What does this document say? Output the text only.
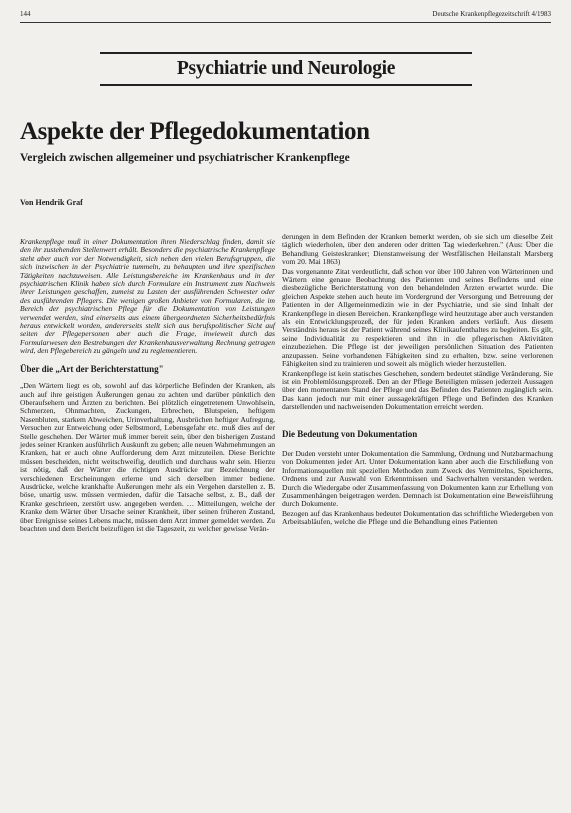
144	Deutsche Krankenpflegezeitschrift 4/1983
Psychiatrie und Neurologie
Aspekte der Pflegedokumentation
Vergleich zwischen allgemeiner und psychiatrischer Krankenpflege
Von Hendrik Graf

Krankenpflege muß in einer Dokumentation ihren Niederschlag finden, damit sie den ihr zustehenden Stellenwert erhält. Besonders die psychiatrische Krankenpflege steht aber auch vor der Notwendigkeit, sich neben den vielen Berufsgruppen, die sich inzwischen in der Psychiatrie tummeln, zu behaupten und ihre spezifischen Tätigkeiten nachzuweisen. Alle Leistungsbereiche im Krankenhaus und in der psychiatrischen Klinik haben sich durch Formulare ein Instrument zum Nachweis ihrer Leistungen geschaffen, zumeist zu Lasten der ausführenden Schwester oder des ausführenden Pflegers. Die wenigen großen Anbieter von Formularen, die im Bereich der psychiatrischen Pflege für die Dokumentation von Leistungen verwendet werden, sind einerseits aus einem übergeordneten Sicherheitsbedürfnis heraus entwickelt worden, andererseits stellt sich aus berufspolitischer Sicht auf seiten der Pflegepersonen aber auch die Frage, inwieweit durch das Formularwesen den Bestrebungen der Krankenhausverwaltung Rechnung getragen wird, den Pflegebereich zu gängeln und zu reglementieren.

Über die „Art der Berichterstattung"

„Den Wärtern liegt es ob, sowohl auf das körperliche Befinden der Kranken, als auch auf ihre geistigen Äußerungen genau zu achten und darüber pünktlich den Oberaufsehern und Ärzten zu berichten. Bei plötzlich eingetretenem Unwohlsein, Schmerzen, Ohnmachten, Zuckungen, Erbrechen, Blutspeien, heftigem Nasenbluten, starkem Abweichen, Urinverhaltung, Ausbrüchen heftiger Aufregung, Versuchen zur Entweichung oder Selbstmord, Lebensgefahr etc. muß dies auf der Stelle geschehen. Der Wärter muß immer bereit sein, über den bisherigen Zustand jedes seiner Kranken ausführlich Auskunft zu geben; alle neuen Wahrnehmungen an Kranken, hat er auch ohne Aufforderung dem Arzt mitzuteilen. Diese Berichte müssen bescheiden, nicht weitschweifig, deutlich und durchaus wahr sein. Hierzu ist nötig, daß der Wärter die richtigen Ausdrücke zur Bezeichnung der verschiedenen Erscheinungen erlerne und sich derselben immer bediene. Ausdrücke, welche krankhafte Äußerungen mehr als ein Vergehen darstellen z. B. böse, unartig usw. müssen vermieden, dafür die Tatsache selbst, z. B., daß der Kranke geschrieen, zerstört usw. angegeben werden. … Mitteilungen, welche der Kranke dem Wärter über Ursache seiner Krankheit, über seinen früheren Zustand, über Ereignisse seines Lebens macht, müssen dem Arzt immer gemeldet werden. Zu beachten und dem Bericht beizufügen ist die Tageszeit, zu welcher gewisse Verän-

derungen in dem Befinden der Kranken bemerkt werden, ob sie sich um dieselbe Zeit täglich wiederholen, über den anderen oder dritten Tag wiederkehren." (Aus: Über die Behandlung Geisteskranker; Dienstanweisung der Westfälischen Heilanstalt Marsberg vom 20. Mai 1863)

Das vorgenannte Zitat verdeutlicht, daß schon vor über 100 Jahren von Wärterinnen und Wärtern eine genaue Beobachtung des Patienten und seines Befindens und eine diesbezügliche Berichterstattung von den behandelnden Ärzten erwartet wurde. Die gleichen Aspekte stehen auch heute im Vordergrund der Versorgung und Betreuung der Patienten in der Allgemeinmedizin wie in der Psychiatrie, und sie sind Inhalt der Krankenpflege in diesen Bereichen. Krankenpflege wird heutzutage aber auch verstanden als ein Entwicklungsprozeß, der für jeden Kranken anders verläuft. Aus diesem Verständnis heraus ist der Patient während seines Klinikaufenthaltes zu begleiten. Es gilt, seine Individualität zu respektieren und ihn in die pflegerischen Aktivitäten einzubeziehen. Die Pflege ist der jeweiligen persönlichen Situation des Patienten anzupassen. Seine vorhandenen Fähigkeiten sind zu erhalten, bzw. seine verlorenen Fähigkeiten sind zu trainieren und soweit als möglich wieder herzustellen.

Krankenpflege ist kein statisches Geschehen, sondern bedeutet ständige Veränderung. Sie ist ein Problemlösungsprozeß. Den an der Pflege Beteiligten müssen jederzeit Aussagen über den momentanen Stand der Pflege und das Befinden des Patienten zugänglich sein. Das kann jedoch nur mit einer aussagekräftigen Pflege und Befinden des Kranken darstellenden und nachweisenden Dokumentation erreicht werden.

Die Bedeutung von Dokumentation

Der Duden versteht unter Dokumentation die Sammlung, Ordnung und Nutzbarmachung von Dokumenten jeder Art. Unter Dokumentation kann aber auch die Erschließung von Informationsquellen mit speziellen Methoden zum Zweck des Vermittelns, Speicherns, Ordnens und zur Auswahl von Erkenntnissen und Sachverhalten verstanden werden. Durch die Wiedergabe oder Zusammenfassung von Dokumenten kann zur Erhellung von Zusammenhängen beigetragen werden. Demnach ist Dokumentation eine Beweisführung durch Dokumente.

Bezogen auf das Krankenhaus bedeutet Dokumentation das schriftliche Wiedergeben von Arbeitsabläufen, welche die Pflege und die Behandlung eines Patienten
